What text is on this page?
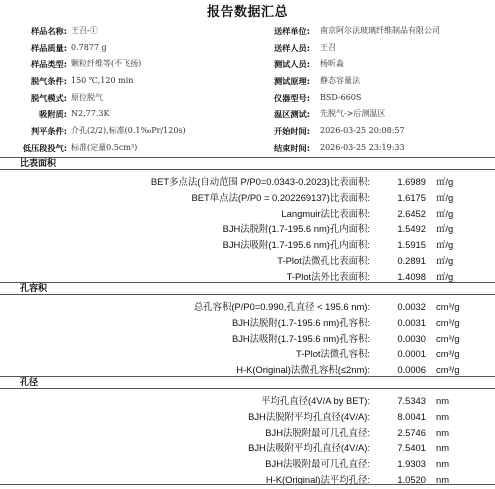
报告数据汇总
样品名称: 王召-①	送样单位: 南京阿尔法玻璃纤维制品有限公司
样品质量: 0.7877 g	送样人员: 王召
样品类型: 颗粒纤维等(不飞扬)	测试人员: 杨昕淼
脱气条件: 150 ℃,120 min	测试原理: 静态容量法
脱气模式: 原位脱气	仪器型号: BSD-660S
吸附质: N2,77.3K	温区测试: 先脱气->后测温区
判平条件: 介孔(2/2),标准(0.1‰Pr/120s)	开始时间: 2026-03-25 20:08:57
低压段投气: 标准(定量0.5cm³)	结束时间: 2026-03-25 23:19:33
比表面积
BET多点法(自动范围 P/P0=0.0343-0.2023)比表面积:	1.6989 ㎡/g
BET单点法(P/P0 = 0.202269137)比表面积:	1.6175 ㎡/g
Langmuir法比表面积:	2.6452 ㎡/g
BJH法脱附(1.7-195.6 nm)孔内面积:	1.5492 ㎡/g
BJH法吸附(1.7-195.6 nm)孔内面积:	1.5915 ㎡/g
T-Plot法微孔比表面积:	0.2891 ㎡/g
T-Plot法外比表面积:	1.4098 ㎡/g
孔容积
总孔容积(P/P0=0.990,孔直径 < 195.6 nm):	0.0032 cm³/g
BJH法脱附(1.7-195.6 nm)孔容积:	0.0031 cm³/g
BJH法吸附(1.7-195.6 nm)孔容积:	0.0030 cm³/g
T-Plot法微孔容积:	0.0001 cm³/g
H-K(Original)法微孔容积(≤2nm):	0.0006 cm³/g
孔径
平均孔直径(4V/A by BET):	7.5343 nm
BJH法脱附平均孔直径(4V/A):	8.0041 nm
BJH法脱附最可几孔直径:	2.5746 nm
BJH法吸附平均孔直径(4V/A):	7.5401 nm
BJH法吸附最可几孔直径:	1.9303 nm
H-K(Original)法平均孔径:	1.0520 nm
